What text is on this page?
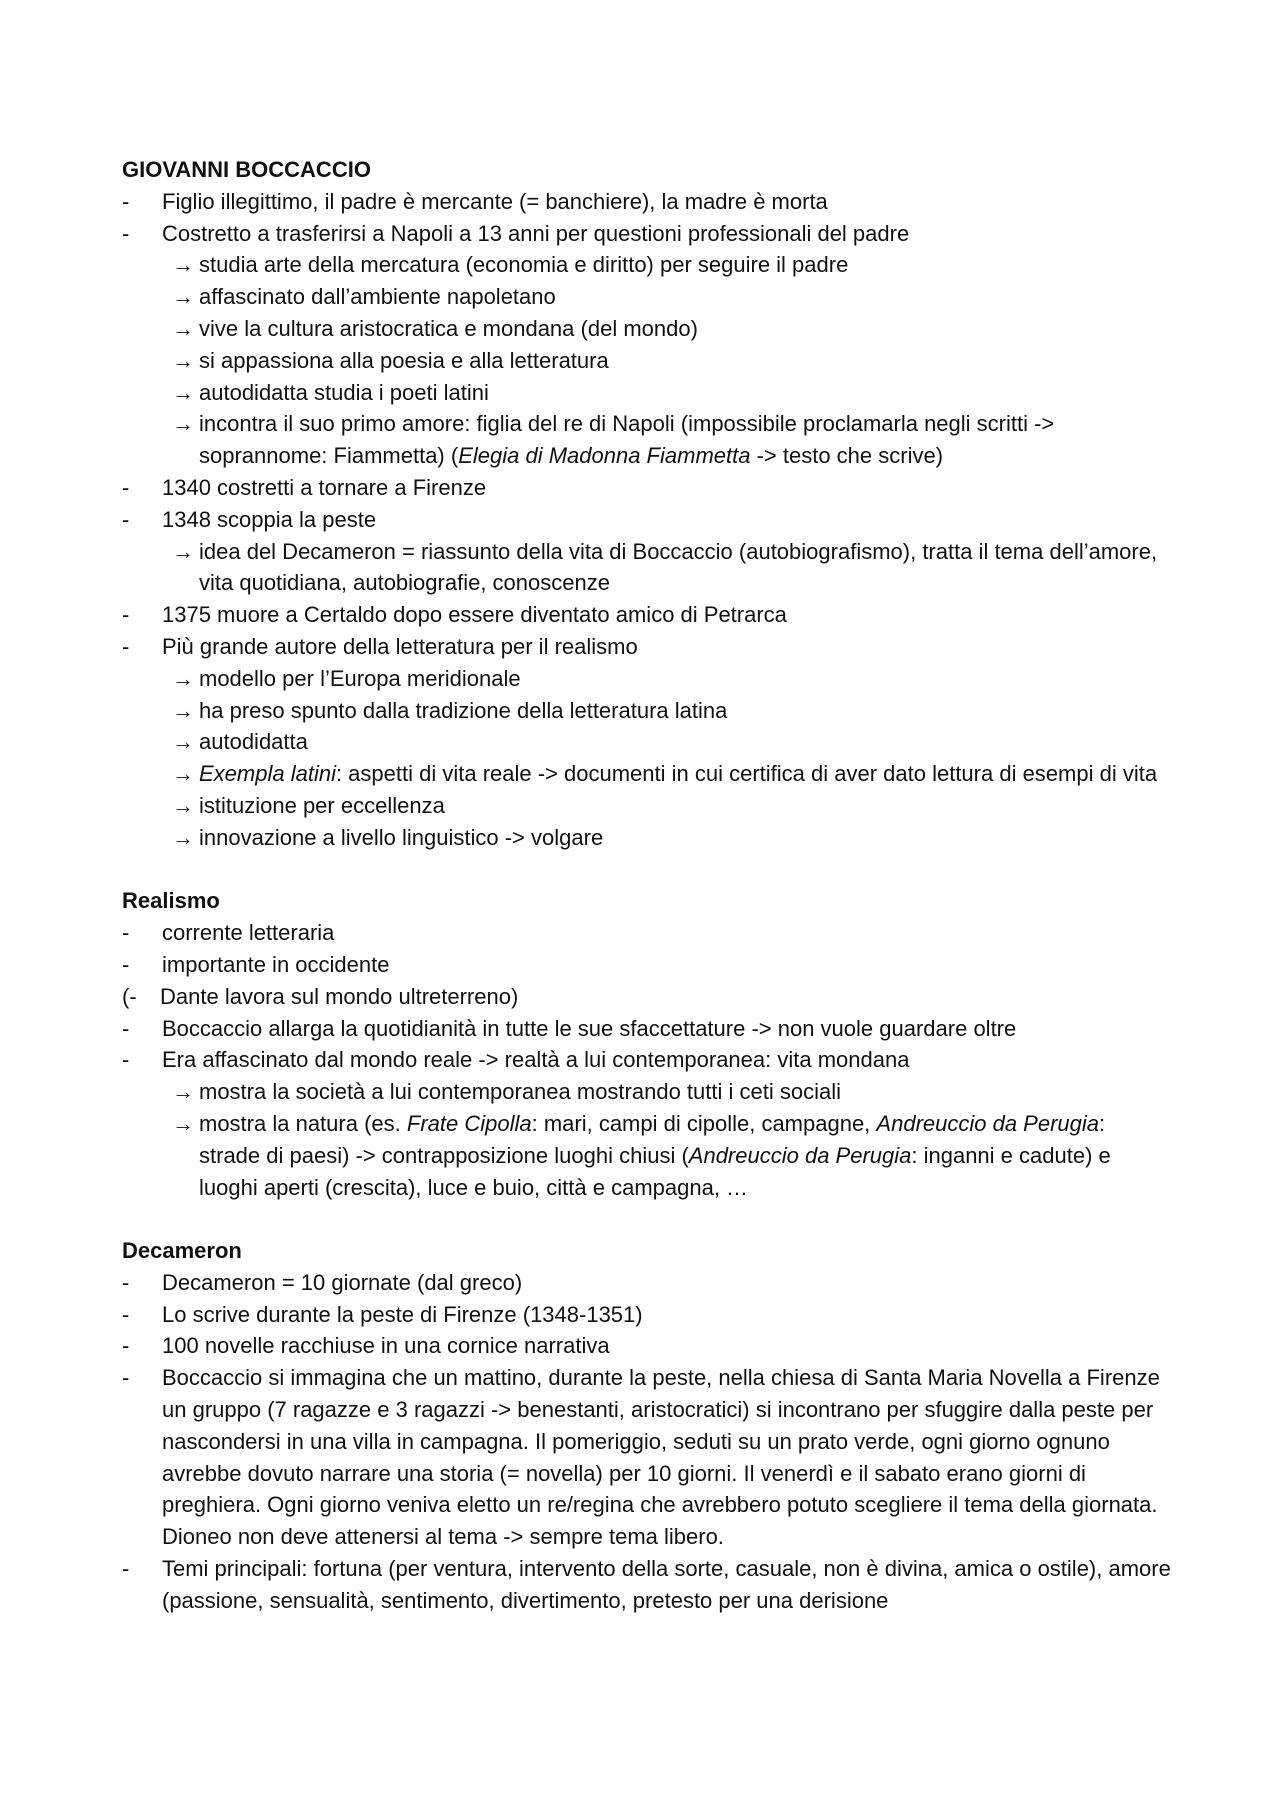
GIOVANNI BOCCACCIO
- Figlio illegittimo, il padre è mercante (= banchiere), la madre è morta
- Costretto a trasferirsi a Napoli a 13 anni per questioni professionali del padre
→ studia arte della mercatura (economia e diritto) per seguire il padre
→ affascinato dall’ambiente napoletano
→ vive la cultura aristocratica e mondana (del mondo)
→ si appassiona alla poesia e alla letteratura
→ autodidatta studia i poeti latini
→ incontra il suo primo amore: figlia del re di Napoli (impossibile proclamarla negli scritti -> soprannome: Fiammetta) (Elegia di Madonna Fiammetta -> testo che scrive)
- 1340 costretti a tornare a Firenze
- 1348 scoppia la peste
→ idea del Decameron = riassunto della vita di Boccaccio (autobiografismo), tratta il tema dell’amore, vita quotidiana, autobiografie, conoscenze
- 1375 muore a Certaldo dopo essere diventato amico di Petrarca
- Più grande autore della letteratura per il realismo
→ modello per l’Europa meridionale
→ ha preso spunto dalla tradizione della letteratura latina
→ autodidatta
→ Exempla latini: aspetti di vita reale -> documenti in cui certifica di aver dato lettura di esempi di vita
→ istituzione per eccellenza
→ innovazione a livello linguistico -> volgare
Realismo
- corrente letteraria
- importante in occidente
(- Dante lavora sul mondo ultreterreno)
- Boccaccio allarga la quotidianità in tutte le sue sfaccettature -> non vuole guardare oltre
- Era affascinato dal mondo reale -> realtà a lui contemporanea: vita mondana
→ mostra la società a lui contemporanea mostrando tutti i ceti sociali
→ mostra la natura (es. Frate Cipolla: mari, campi di cipolle, campagne, Andreuccio da Perugia: strade di paesi) -> contrapposizione luoghi chiusi (Andreuccio da Perugia: inganni e cadute) e luoghi aperti (crescita), luce e buio, città e campagna, …
Decameron
- Decameron = 10 giornate (dal greco)
- Lo scrive durante la peste di Firenze (1348-1351)
- 100 novelle racchiuse in una cornice narrativa
- Boccaccio si immagina che un mattino, durante la peste, nella chiesa di Santa Maria Novella a Firenze un gruppo (7 ragazze e 3 ragazzi -> benestanti, aristocratici) si incontrano per sfuggire dalla peste per nascondersi in una villa in campagna. Il pomeriggio, seduti su un prato verde, ogni giorno ognuno avrebbe dovuto narrare una storia (= novella) per 10 giorni. Il venerdì e il sabato erano giorni di preghiera. Ogni giorno veniva eletto un re/regina che avrebbero potuto scegliere il tema della giornata. Dioneo non deve attenersi al tema -> sempre tema libero.
- Temi principali: fortuna (per ventura, intervento della sorte, casuale, non è divina, amica o ostile), amore (passione, sensualità, sentimento, divertimento, pretesto per una derisione
